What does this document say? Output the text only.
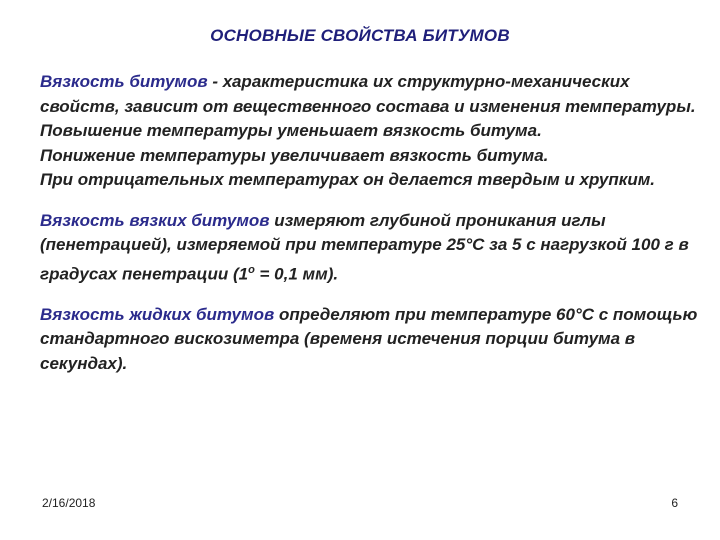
ОСНОВНЫЕ СВОЙСТВА БИТУМОВ

Вязкость битумов - характеристика их структурно-механических свойств, зависит от вещественного состава и изменения температуры.

Повышение температуры уменьшает вязкость битума.

Понижение температуры увеличивает вязкость битума.

При отрицательных температурах он делается твердым и хрупким.

Вязкость вязких битумов измеряют глубиной проникания иглы (пенетрацией), измеряемой при температуре 25°С за 5 с нагрузкой 100 г в градусах пенетрации ($1^о = 0,1$ мм).

Вязкость жидких битумов определяют при температуре 60°С с помощью стандартного вискозиметра (временя истечения порции битума в секундах).

2/16/2018	6
